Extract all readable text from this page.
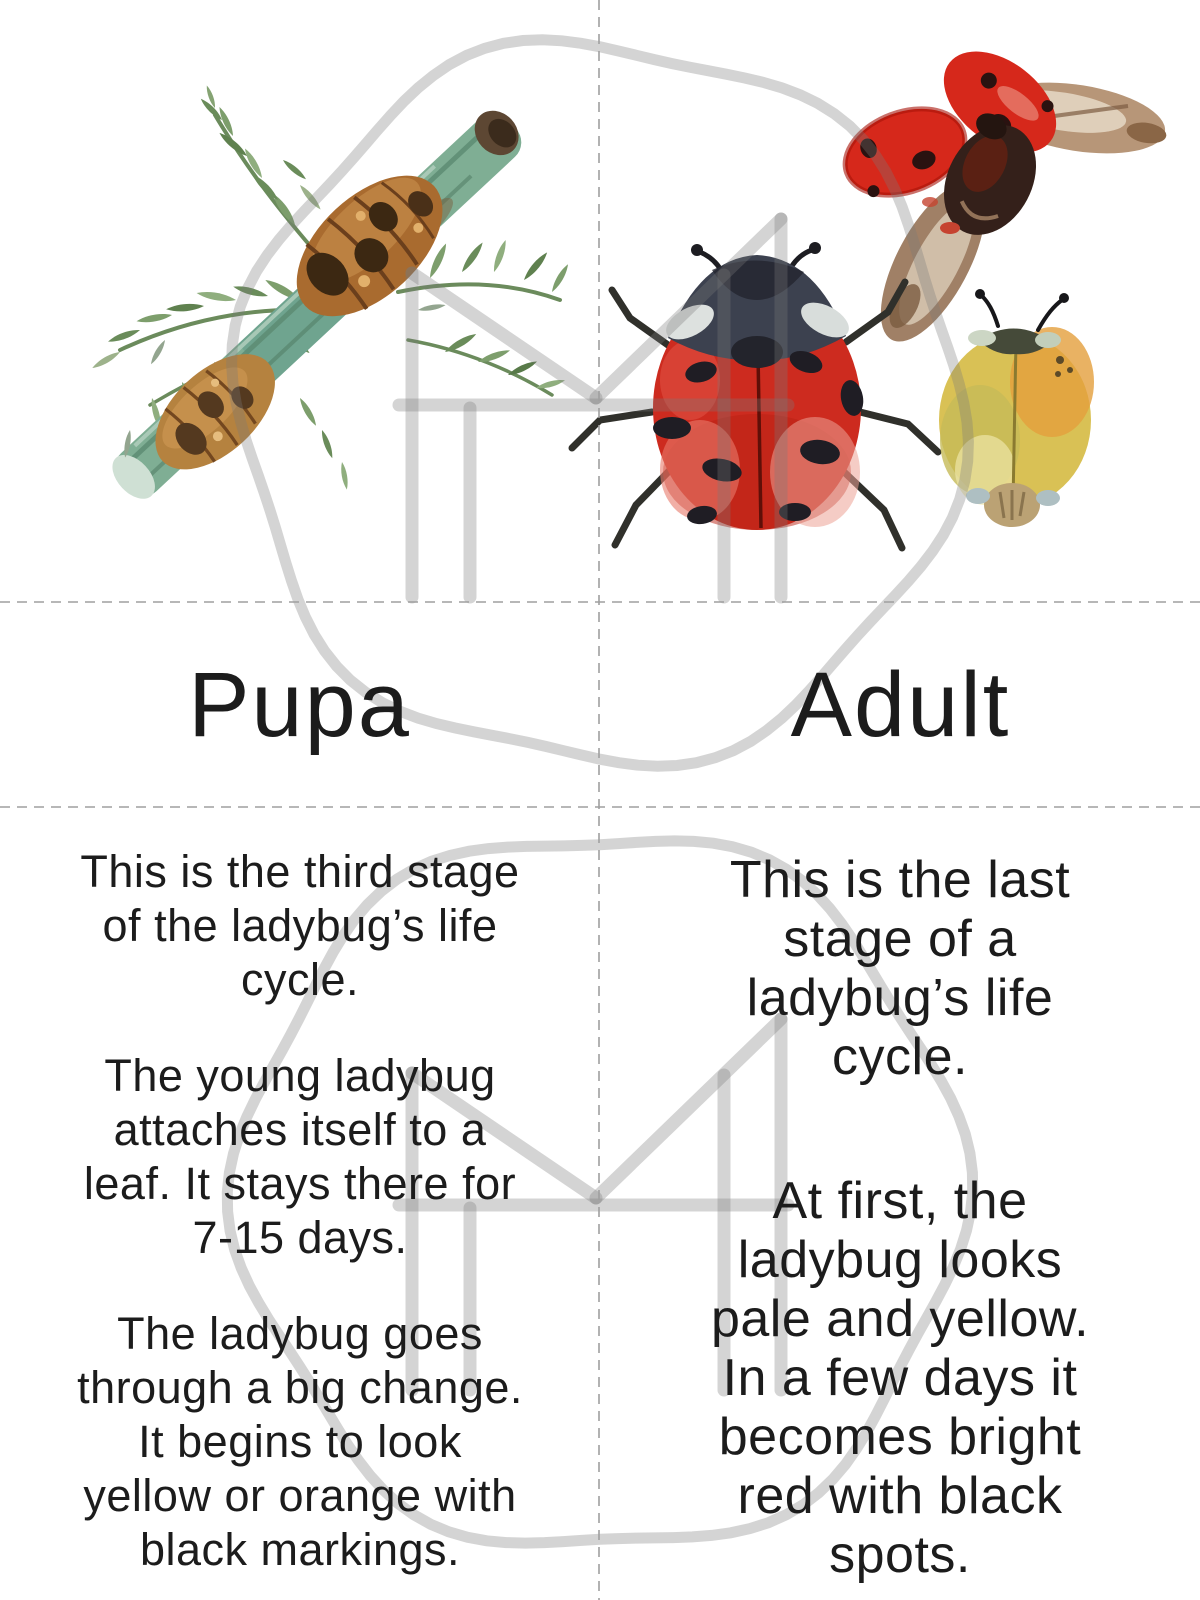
Pupa	Adult

This is the third stage
of the ladybug’s life
cycle.

The young ladybug
attaches itself to a
leaf. It stays there for
7-15 days.

The ladybug goes
through a big change.
It begins to look
yellow or orange with
black markings.

This is the last
stage of a
ladybug’s life
cycle.

At first, the
ladybug looks
pale and yellow.
In a few days it
becomes bright
red with black
spots.
